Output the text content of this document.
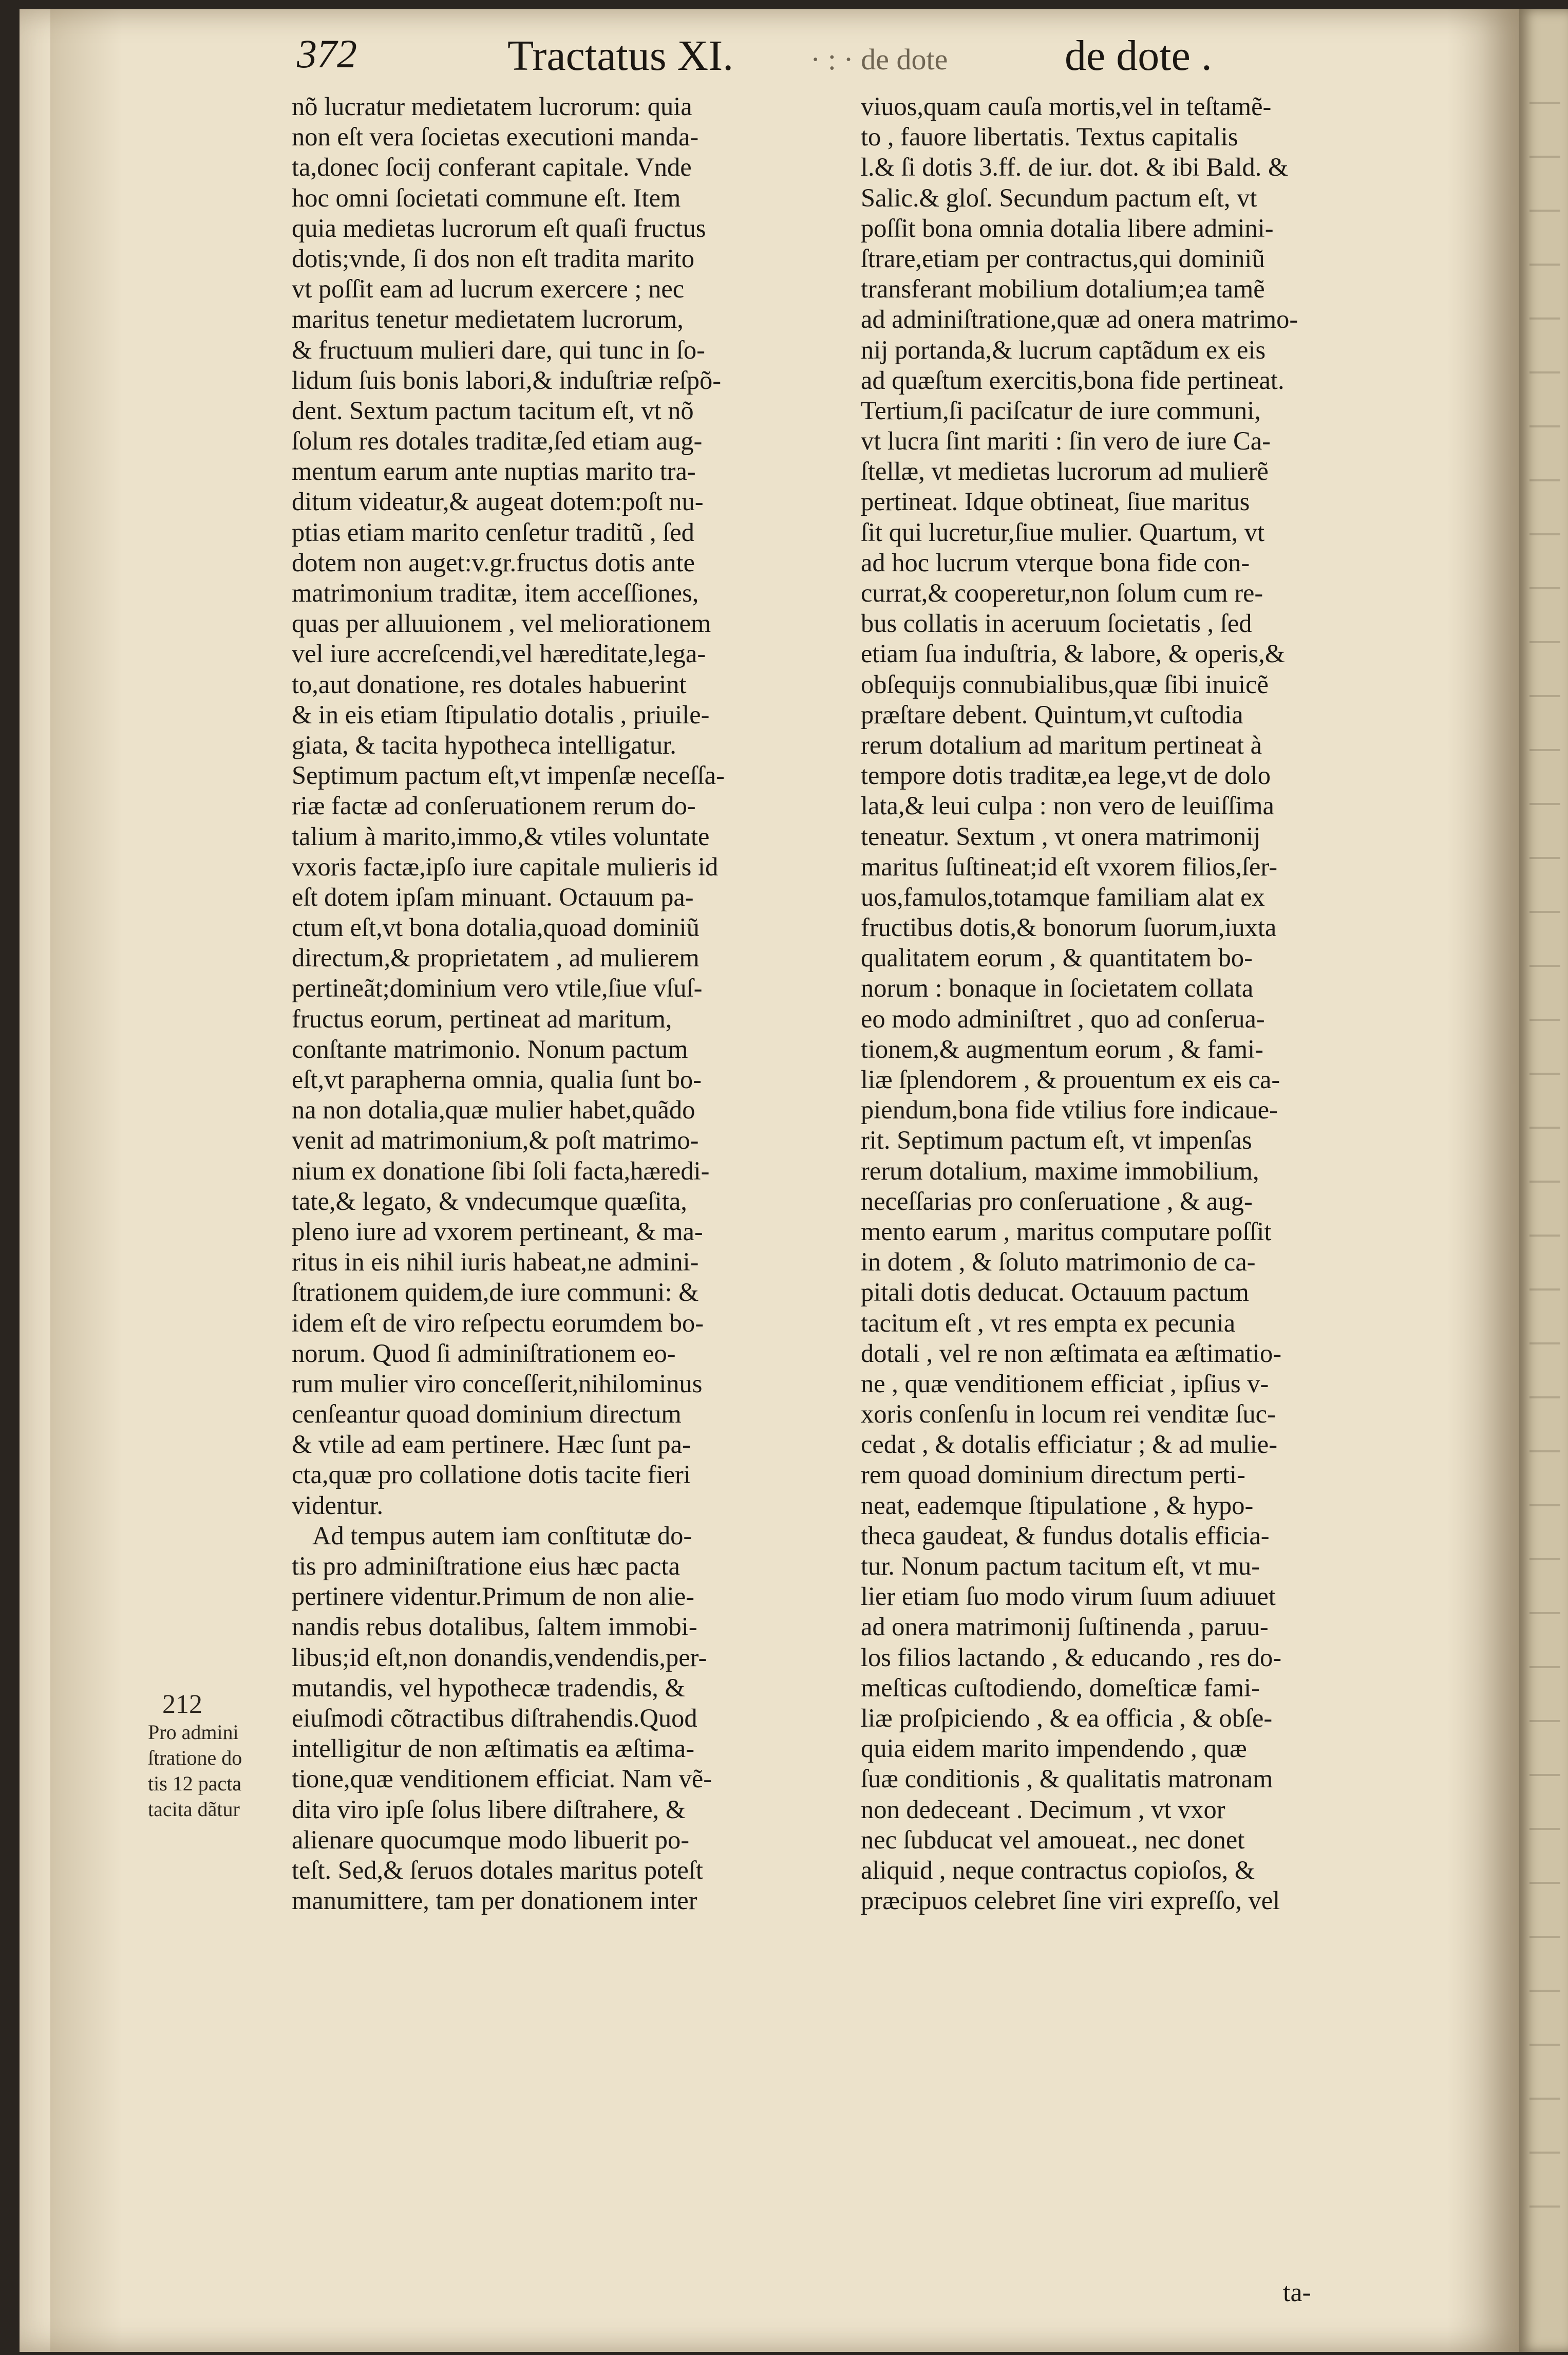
372	Tractatus XI.	· : · de dote	de dote .
nõ lucratur medietatem lucrorum: quia
non eſt vera ſocietas executioni manda-
ta,donec ſocij conferant capitale. Vnde
hoc omni ſocietati commune eſt. Item
quia medietas lucrorum eſt quaſi fructus
dotis;vnde, ſi dos non eſt tradita marito
vt poſſit eam ad lucrum exercere ; nec
maritus tenetur medietatem lucrorum,
& fructuum mulieri dare, qui tunc in ſo-
lidum ſuis bonis labori,& induſtriæ reſpõ-
dent. Sextum pactum tacitum eſt, vt nõ
ſolum res dotales traditæ,ſed etiam aug-
mentum earum ante nuptias marito tra-
ditum videatur,& augeat dotem:poſt nu-
ptias etiam marito cenſetur traditũ , ſed
dotem non auget:v.gr.fructus dotis ante
matrimonium traditæ, item acceſſiones,
quas per alluuionem , vel meliorationem
vel iure accreſcendi,vel hæreditate,lega-
to,aut donatione, res dotales habuerint
& in eis etiam ſtipulatio dotalis , priuile-
giata, & tacita hypotheca intelligatur.
Septimum pactum eſt,vt impenſæ neceſſa-
riæ factæ ad conſeruationem rerum do-
talium à marito,immo,& vtiles voluntate
vxoris factæ,ipſo iure capitale mulieris id
eſt dotem ipſam minuant. Octauum pa-
ctum eſt,vt bona dotalia,quoad dominiũ
directum,& proprietatem , ad mulierem
pertineãt;dominium vero vtile,ſiue vſuſ-
fructus eorum, pertineat ad maritum,
conſtante matrimonio. Nonum pactum
eſt,vt paraphernа omnia, qualia ſunt bo-
na non dotalia,quæ mulier habet,quãdo
venit ad matrimonium,& poſt matrimo-
nium ex donatione ſibi ſoli facta,hæredi-
tate,& legato, & vndecumque quæſita,
pleno iure ad vxorem pertineant, & ma-
ritus in eis nihil iuris habeat,ne admini-
ſtrationem quidem,de iure communi: &
idem eſt de viro reſpectu eorumdem bo-
norum. Quod ſi adminiſtrationem eo-
rum mulier viro conceſſerit,nihilominus
cenſeantur quoad dominium directum
& vtile ad eam pertinere. Hæc ſunt pa-
cta,quæ pro collatione dotis tacite fieri
videntur.
Ad tempus autem iam conſtitutæ do-
tis pro adminiſtratione eius hæc pacta
pertinere videntur.Primum de non alie-
nandis rebus dotalibus, ſaltem immobi-
libus;id eſt,non donandis,vendendis,per-
mutandis, vel hypothecæ tradendis, &
eiuſmodi cõtractibus diſtrahendis.Quod
intelligitur de non æſtimatis ea æſtima-
tione,quæ venditionem efficiat. Nam vẽ-
dita viro ipſe ſolus libere diſtrahere, &
alienare quocumque modo libuerit po-
teſt. Sed,& ſeruos dotales maritus poteſt
manumittere, tam per donationem inter
viuos,quam cauſa mortis,vel in teſtamẽ-
to , fauore libertatis. Textus capitalis
l.& ſi dotis 3.ff. de iur. dot. & ibi Bald. &
Salic.& gloſ. Secundum pactum eſt, vt
poſſit bona omnia dotalia libere admini-
ſtrare,etiam per contractus,qui dominiũ
transferant mobilium dotalium;ea tamẽ
ad adminiſtratione,quæ ad onera matrimo-
nij portanda,& lucrum captãdum ex eis
ad quæſtum exercitis,bona fide pertineat.
Tertium,ſi paciſcatur de iure communi,
vt lucra ſint mariti : ſin vero de iure Ca-
ſtellæ, vt medietas lucrorum ad mulierẽ
pertineat. Idque obtineat, ſiue maritus
ſit qui lucretur,ſiue mulier. Quartum, vt
ad hoc lucrum vterque bona fide con-
currat,& cooperetur,non ſolum cum re-
bus collatis in aceruum ſocietatis , ſed
etiam ſua induſtria, & labore, & operis,&
obſequijs connubialibus,quæ ſibi inuicẽ
præſtare debent. Quintum,vt cuſtodia
rerum dotalium ad maritum pertineat à
tempore dotis traditæ,ea lege,vt de dolo
lata,& leui culpa : non vero de leuiſſima
teneatur. Sextum , vt onera matrimonij
maritus ſuſtineat;id eſt vxorem filios,ſer-
uos,famulos,totamque familiam alat ex
fructibus dotis,& bonorum ſuorum,iuxta
qualitatem eorum , & quantitatem bo-
norum : bonaque in ſocietatem collata
eo modo adminiſtret , quo ad conſerua-
tionem,& augmentum eorum , & fami-
liæ ſplendorem , & prouentum ex eis ca-
piendum,bona fide vtilius fore indicaue-
rit. Septimum pactum eſt, vt impenſas
rerum dotalium, maxime immobilium,
neceſſarias pro conſeruatione , & aug-
mento earum , maritus computare poſſit
in dotem , & ſoluto matrimonio de ca-
pitali dotis deducat. Octauum pactum
tacitum eſt , vt res empta ex pecunia
dotali , vel re non æſtimata ea æſtimatio-
ne , quæ venditionem efficiat , ipſius v-
xoris conſenſu in locum rei venditæ ſuc-
cedat , & dotalis efficiatur ; & ad mulie-
rem quoad dominium directum perti-
neat, eademque ſtipulatione , & hypo-
theca gaudeat, & fundus dotalis efficia-
tur. Nonum pactum tacitum eſt, vt mu-
lier etiam ſuo modo virum ſuum adiuuet
ad onera matrimonij ſuſtinenda , paruu-
los filios lactando , & educando , res do-
meſticas cuſtodiendo, domeſticæ fami-
liæ proſpiciendo , & ea officia , & obſe-
quia eidem marito impendendo , quæ
ſuæ conditionis , & qualitatis matronam
non dedeceant . Decimum , vt vxor
nec ſubducat vel amoueat., nec donet
aliquid , neque contractus copioſos, &
præcipuos celebret ſine viri expreſſo, vel
212
Pro admini
ſtratione do
tis 12 pacta
tacita dãtur
ta-
